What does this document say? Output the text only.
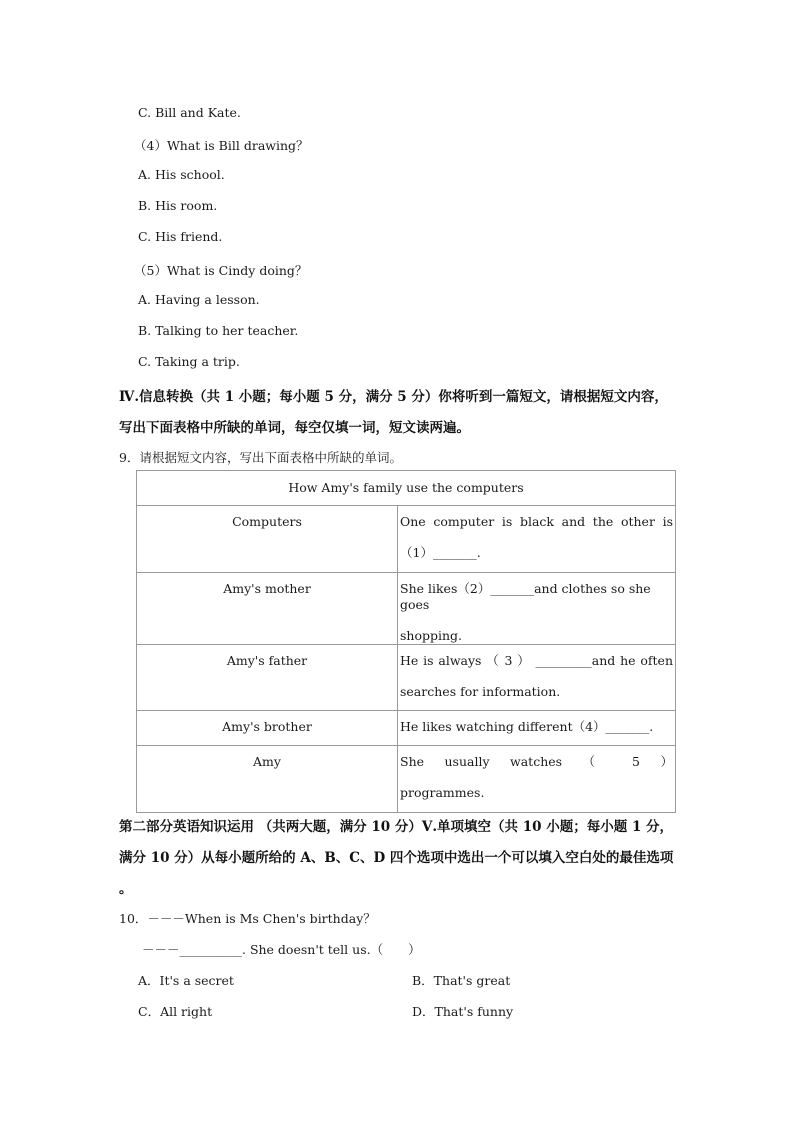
C. Bill and Kate.
（4）What is Bill drawing？
A. His school.
B. His room.
C. His friend.
（5）What is Cindy doing？
A. Having a lesson.
B. Talking to her teacher.
C. Taking a trip.
Ⅳ.信息转换（共 1 小题；每小题 5 分，满分 5 分）你将听到一篇短文，请根据短文内容，
写出下面表格中所缺的单词，每空仅填一词，短文读两遍。
9．请根据短文内容，写出下面表格中所缺的单词。
How Amy's family use the computers	
Computers	One computer is black and the other is
（1）_______.

Amy's mother	She likes（2）_______and clothes so she goes
shopping.

Amy's father	He is always （ 3 ） _________and he often
searches for information.

Amy's brother	He likes watching different（4）_______.

Amy	She usually watches （ 5 ）
programmes.
第二部分英语知识运用 （共两大题，满分 10 分）Ⅴ.单项填空（共 10 小题；每小题 1 分，
满分 10 分）从每小题所给的 A、B、C、D 四个选项中选出一个可以填入空白处的最佳选项
。
10．－－－When is Ms Chen's birthday？
－－－__________. She doesn't tell us.（　　）
A．It's a secret	B．That's great
C．All right	D．That's funny
